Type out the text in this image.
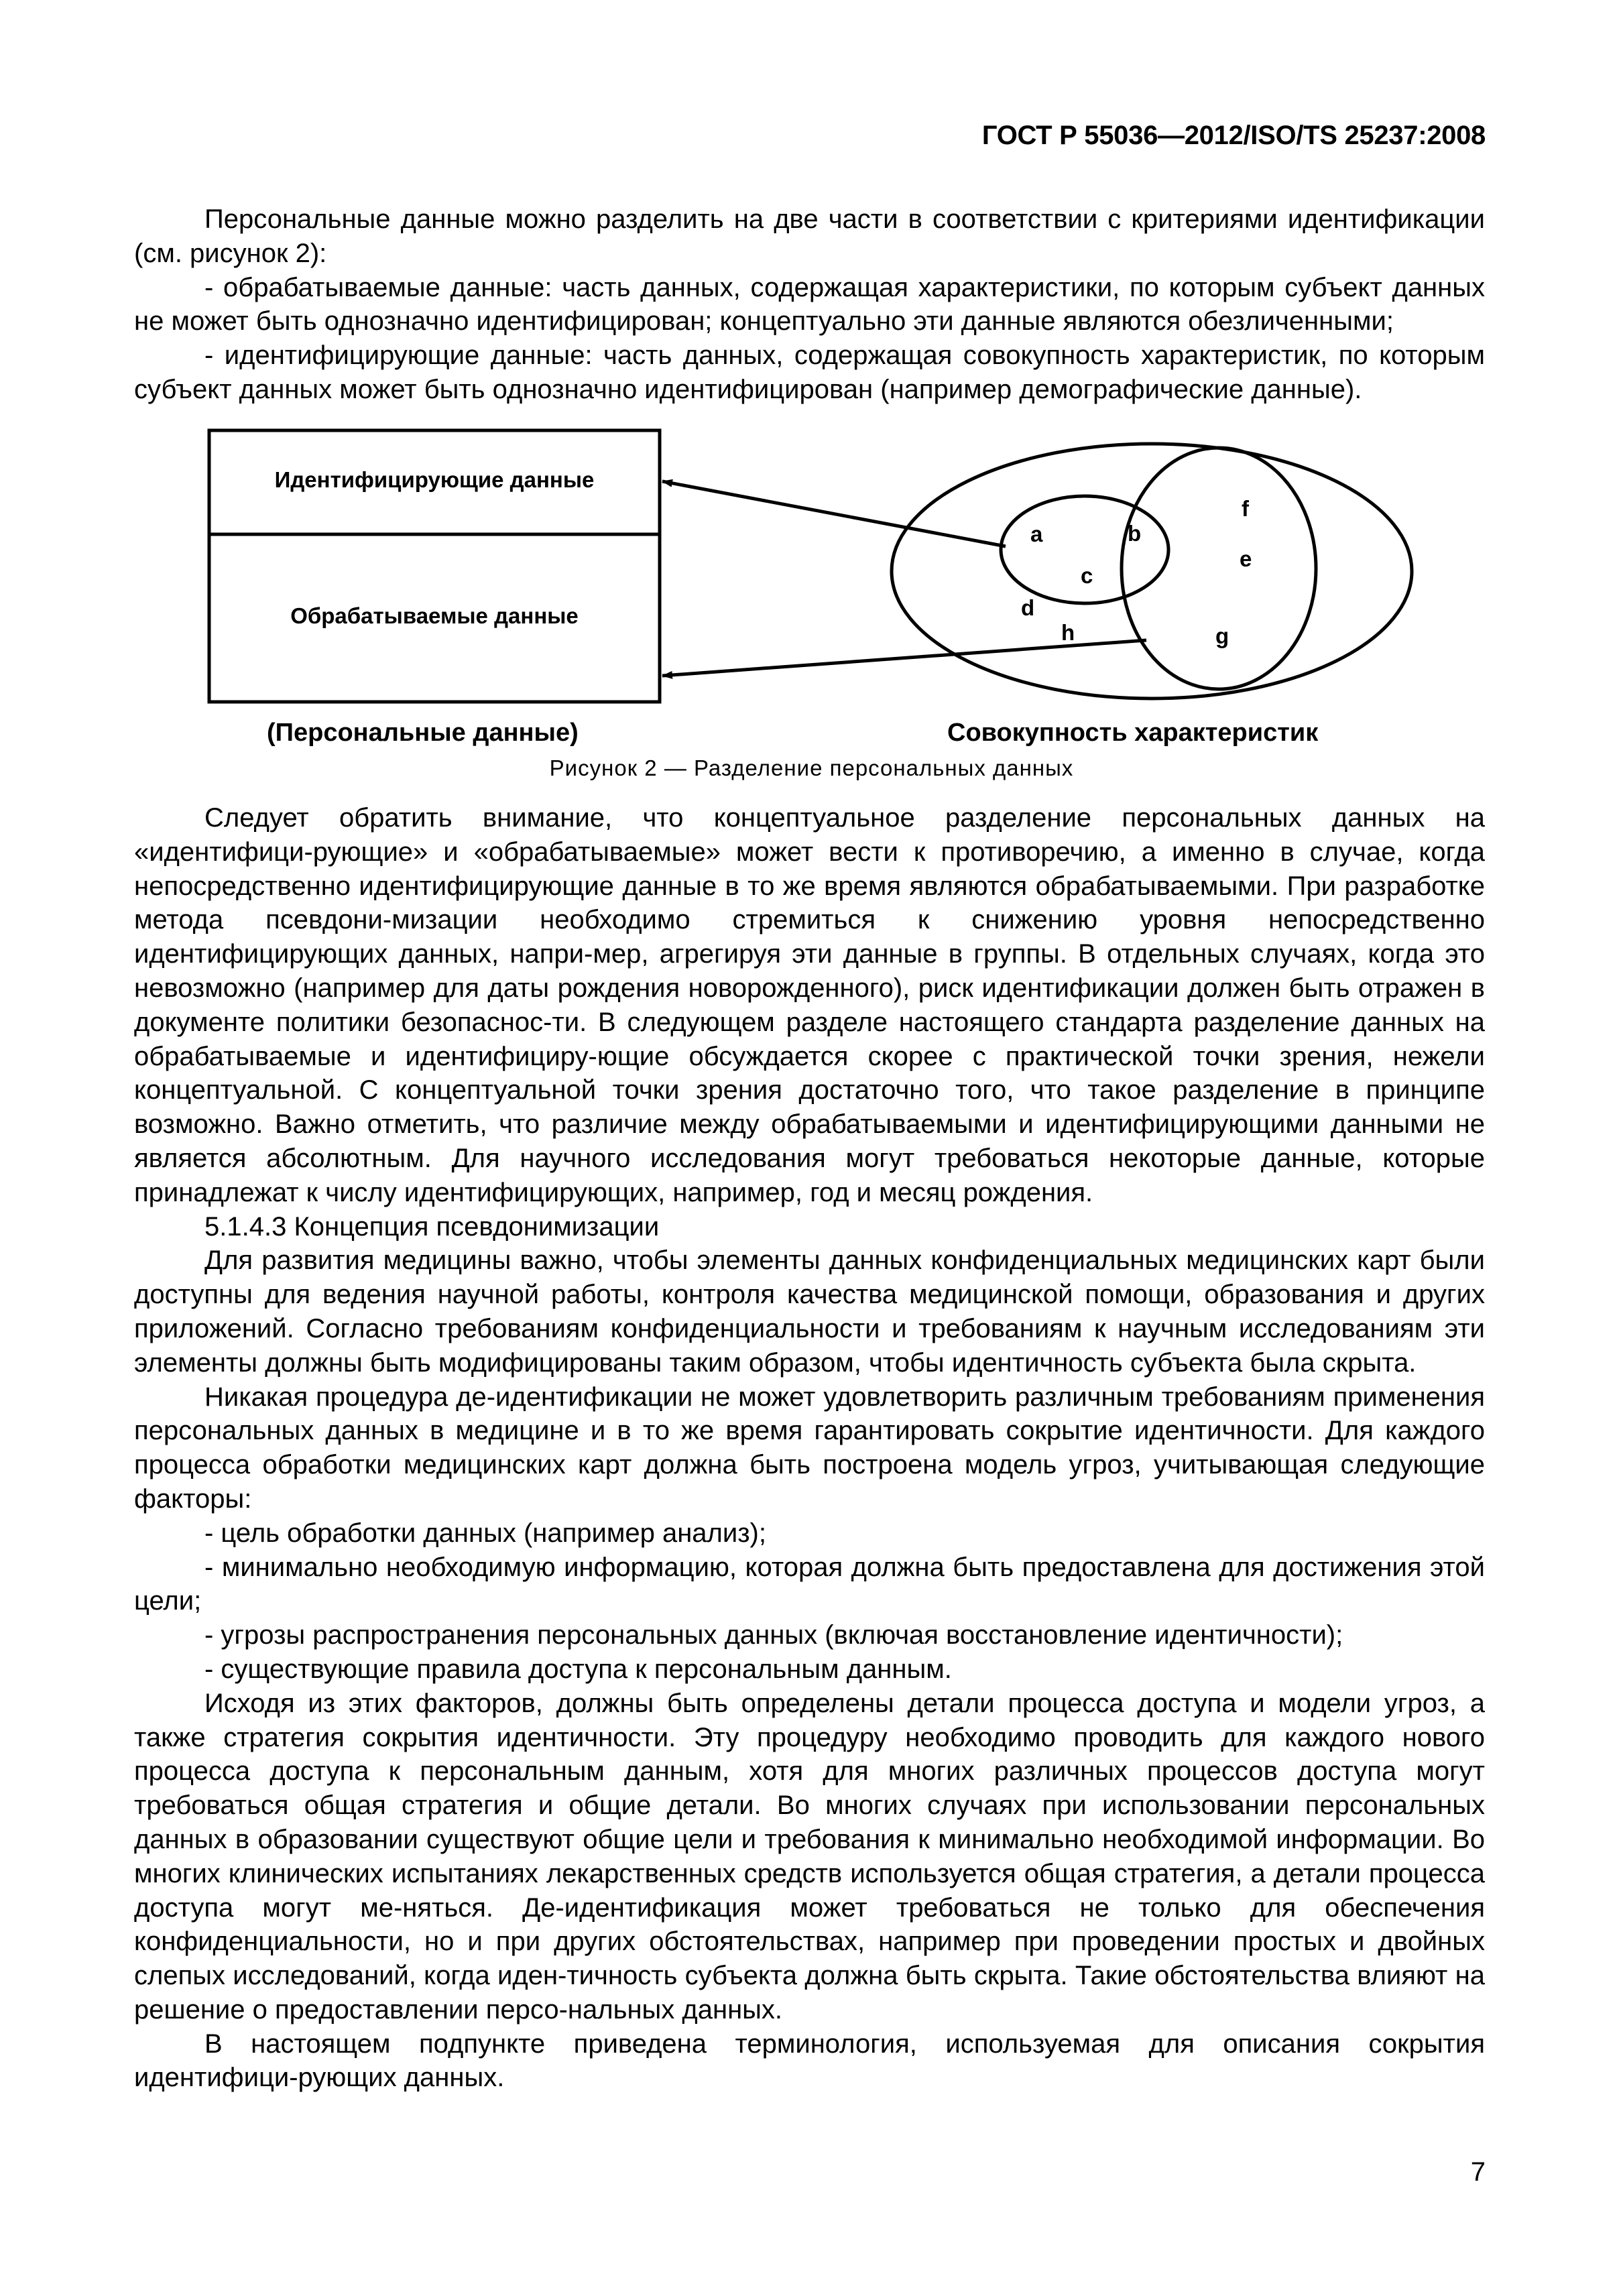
ГОСТ Р 55036—2012/ISO/TS 25237:2008

Персональные данные можно разделить на две части в соответствии с критериями идентификации (см. рисунок 2):

- обрабатываемые данные: часть данных, содержащая характеристики, по которым субъект данных не может быть однозначно идентифицирован; концептуально эти данные являются обезличенными;

- идентифицирующие данные: часть данных, содержащая совокупность характеристик, по которым субъект данных может быть однозначно идентифицирован (например демографические данные).

Идентифицирующие данные
Обрабатываемые данные
a	b
c
d
h
f
e
g
(Персональные данные)	Совокупность характеристик
Рисунок 2 — Разделение персональных данных

Следует обратить внимание, что концептуальное разделение персональных данных на «идентифици-рующие» и «обрабатываемые» может вести к противоречию, а именно в случае, когда непосредственно идентифицирующие данные в то же время являются обрабатываемыми. При разработке метода псевдони-мизации необходимо стремиться к снижению уровня непосредственно идентифицирующих данных, напри-мер, агрегируя эти данные в группы. В отдельных случаях, когда это невозможно (например для даты рождения новорожденного), риск идентификации должен быть отражен в документе политики безопаснос-ти. В следующем разделе настоящего стандарта разделение данных на обрабатываемые и идентифициру-ющие обсуждается скорее с практической точки зрения, нежели концептуальной. С концептуальной точки зрения достаточно того, что такое разделение в принципе возможно. Важно отметить, что различие между обрабатываемыми и идентифицирующими данными не является абсолютным. Для научного исследования могут требоваться некоторые данные, которые принадлежат к числу идентифицирующих, например, год и месяц рождения.

5.1.4.3 Концепция псевдонимизации

Для развития медицины важно, чтобы элементы данных конфиденциальных медицинских карт были доступны для ведения научной работы, контроля качества медицинской помощи, образования и других приложений. Согласно требованиям конфиденциальности и требованиям к научным исследованиям эти элементы должны быть модифицированы таким образом, чтобы идентичность субъекта была скрыта.

Никакая процедура де-идентификации не может удовлетворить различным требованиям применения персональных данных в медицине и в то же время гарантировать сокрытие идентичности. Для каждого процесса обработки медицинских карт должна быть построена модель угроз, учитывающая следующие факторы:

- цель обработки данных (например анализ);

- минимально необходимую информацию, которая должна быть предоставлена для достижения этой цели;

- угрозы распространения персональных данных (включая восстановление идентичности);

- существующие правила доступа к персональным данным.

Исходя из этих факторов, должны быть определены детали процесса доступа и модели угроз, а также стратегия сокрытия идентичности. Эту процедуру необходимо проводить для каждого нового процесса доступа к персональным данным, хотя для многих различных процессов доступа могут требоваться общая стратегия и общие детали. Во многих случаях при использовании персональных данных в образовании существуют общие цели и требования к минимально необходимой информации. Во многих клинических испытаниях лекарственных средств используется общая стратегия, а детали процесса доступа могут ме-няться. Де-идентификация может требоваться не только для обеспечения конфиденциальности, но и при других обстоятельствах, например при проведении простых и двойных слепых исследований, когда иден-тичность субъекта должна быть скрыта. Такие обстоятельства влияют на решение о предоставлении персо-нальных данных.

В настоящем подпункте приведена терминология, используемая для описания сокрытия идентифици-рующих данных.

7
